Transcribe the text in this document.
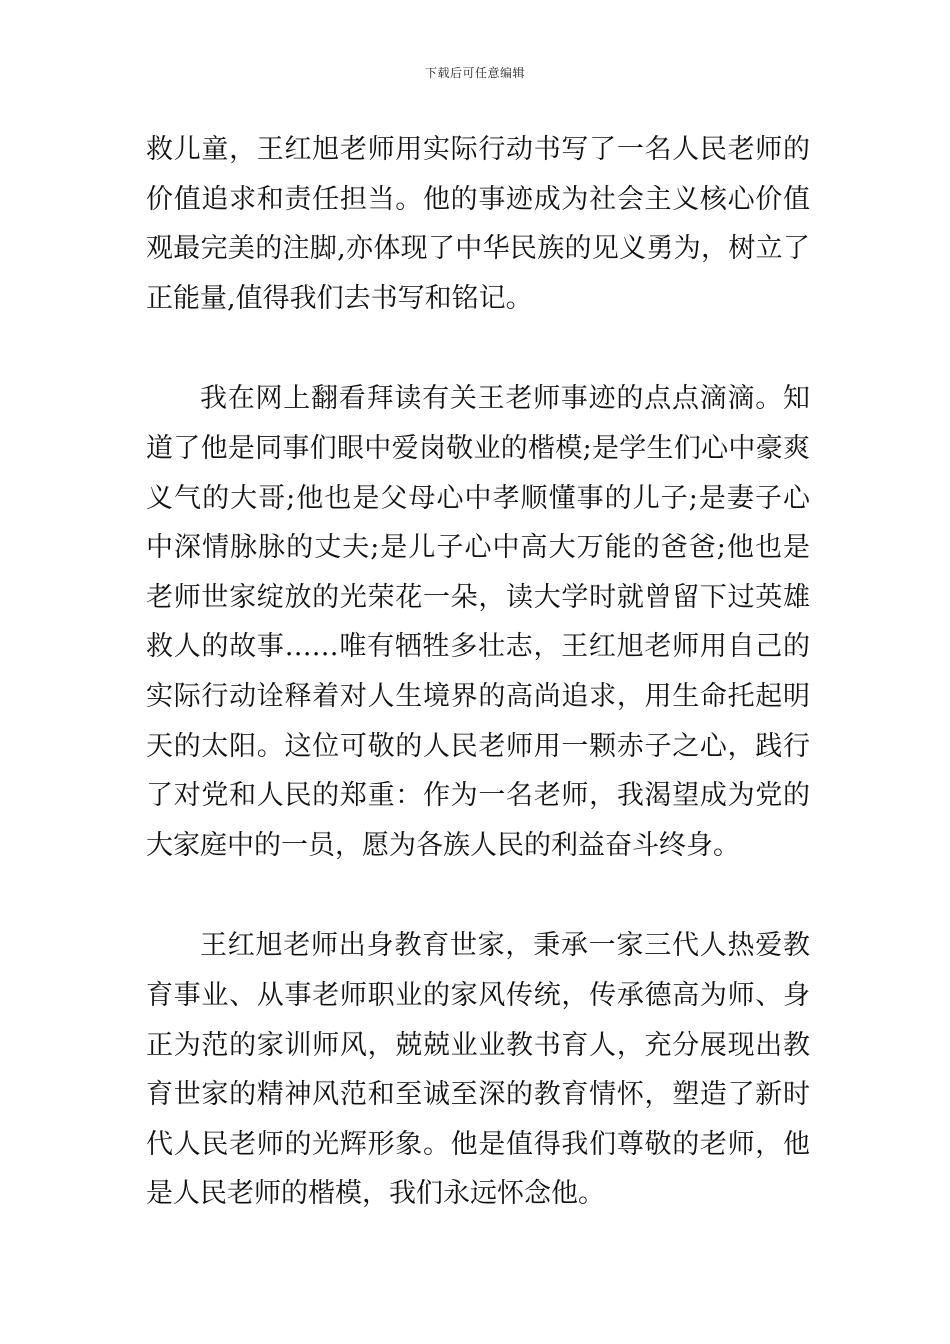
下载后可任意编辑

救儿童，王红旭老师用实际行动书写了一名人民老师的价值追求和责任担当。他的事迹成为社会主义核心价值观最完美的注脚,亦体现了中华民族的见义勇为，树立了正能量,值得我们去书写和铭记。

我在网上翻看拜读有关王老师事迹的点点滴滴。知道了他是同事们眼中爱岗敬业的楷模;是学生们心中豪爽义气的大哥;他也是父母心中孝顺懂事的儿子;是妻子心中深情脉脉的丈夫;是儿子心中高大万能的爸爸;他也是老师世家绽放的光荣花一朵，读大学时就曾留下过英雄救人的故事……唯有牺牲多壮志，王红旭老师用自己的实际行动诠释着对人生境界的高尚追求，用生命托起明天的太阳。这位可敬的人民老师用一颗赤子之心，践行了对党和人民的郑重：作为一名老师，我渴望成为党的大家庭中的一员，愿为各族人民的利益奋斗终身。

王红旭老师出身教育世家，秉承一家三代人热爱教育事业、从事老师职业的家风传统，传承德高为师、身正为范的家训师风，兢兢业业教书育人，充分展现出教育世家的精神风范和至诚至深的教育情怀，塑造了新时代人民老师的光辉形象。他是值得我们尊敬的老师，他是人民老师的楷模，我们永远怀念他。
